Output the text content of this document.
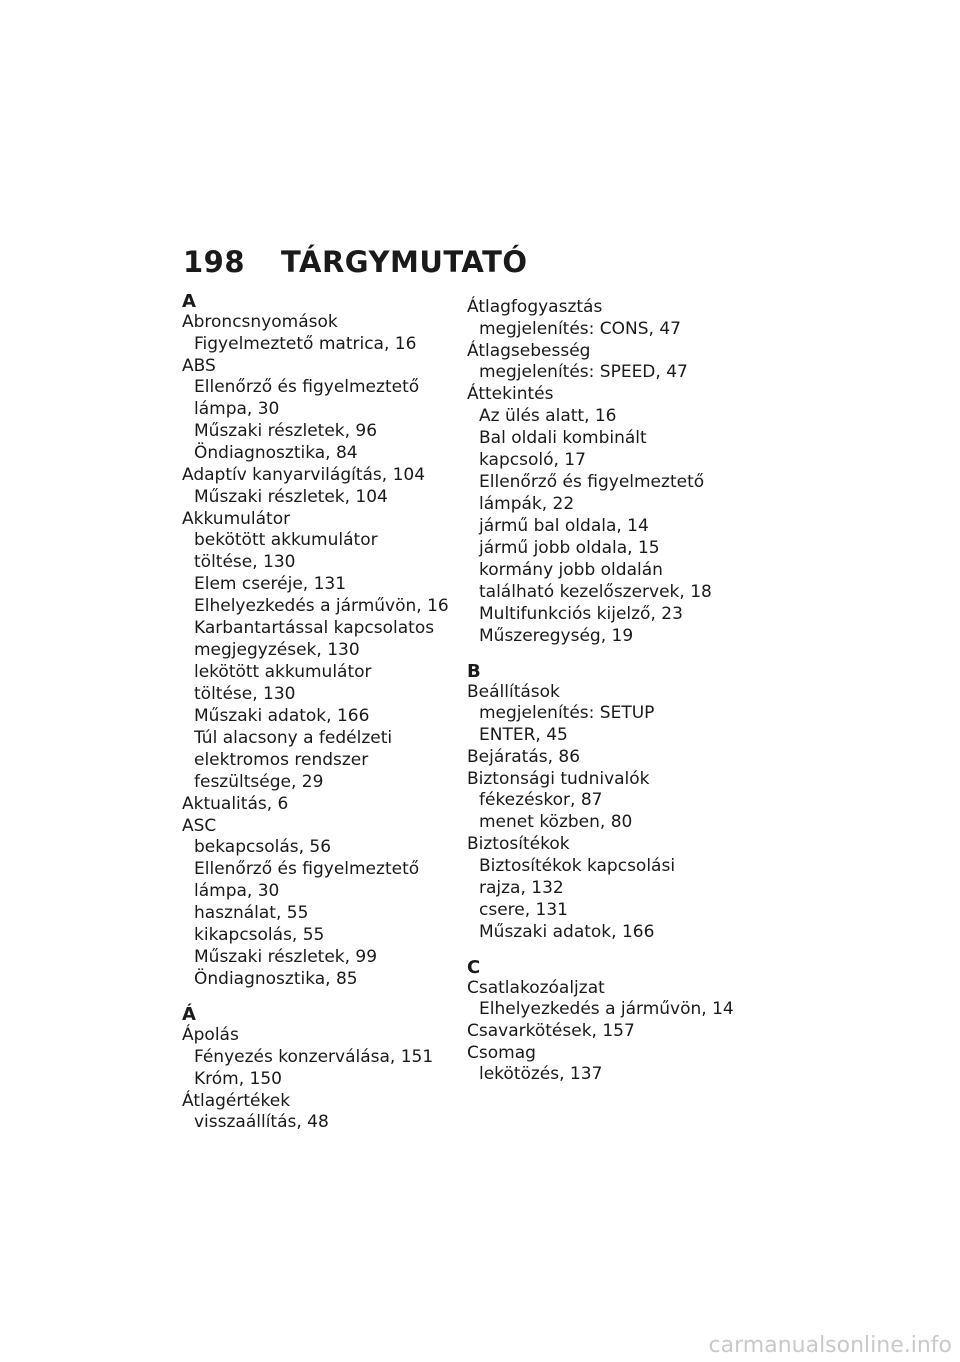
198 TÁRGYMUTATÓ
A
Abroncsnyomások
Figyelmeztető matrica, 16
ABS
Ellenőrző és figyelmeztető
lámpa, 30
Műszaki részletek, 96
Öndiagnosztika, 84
Adaptív kanyarvilágítás, 104
Műszaki részletek, 104
Akkumulátor
bekötött akkumulátor
töltése, 130
Elem cseréje, 131
Elhelyezkedés a járművön, 16
Karbantartással kapcsolatos
megjegyzések, 130
lekötött akkumulátor
töltése, 130
Műszaki adatok, 166
Túl alacsony a fedélzeti
elektromos rendszer
feszültsége, 29
Aktualitás, 6
ASC
bekapcsolás, 56
Ellenőrző és figyelmeztető
lámpa, 30
használat, 55
kikapcsolás, 55
Műszaki részletek, 99
Öndiagnosztika, 85
Á
Ápolás
Fényezés konzerválása, 151
Króm, 150
Átlagértékek
visszaállítás, 48
Átlagfogyasztás
megjelenítés: CONS, 47
Átlagsebesség
megjelenítés: SPEED, 47
Áttekintés
Az ülés alatt, 16
Bal oldali kombinált
kapcsoló, 17
Ellenőrző és figyelmeztető
lámpák, 22
jármű bal oldala, 14
jármű jobb oldala, 15
kormány jobb oldalán
található kezelőszervek, 18
Multifunkciós kijelző, 23
Műszeregység, 19
B
Beállítások
megjelenítés: SETUP
ENTER, 45
Bejáratás, 86
Biztonsági tudnivalók
fékezéskor, 87
menet közben, 80
Biztosítékok
Biztosítékok kapcsolási
rajza, 132
csere, 131
Műszaki adatok, 166
C
Csatlakozóaljzat
Elhelyezkedés a járművön, 14
Csavarkötések, 157
Csomag
lekötözés, 137
carmanualsonline.info
